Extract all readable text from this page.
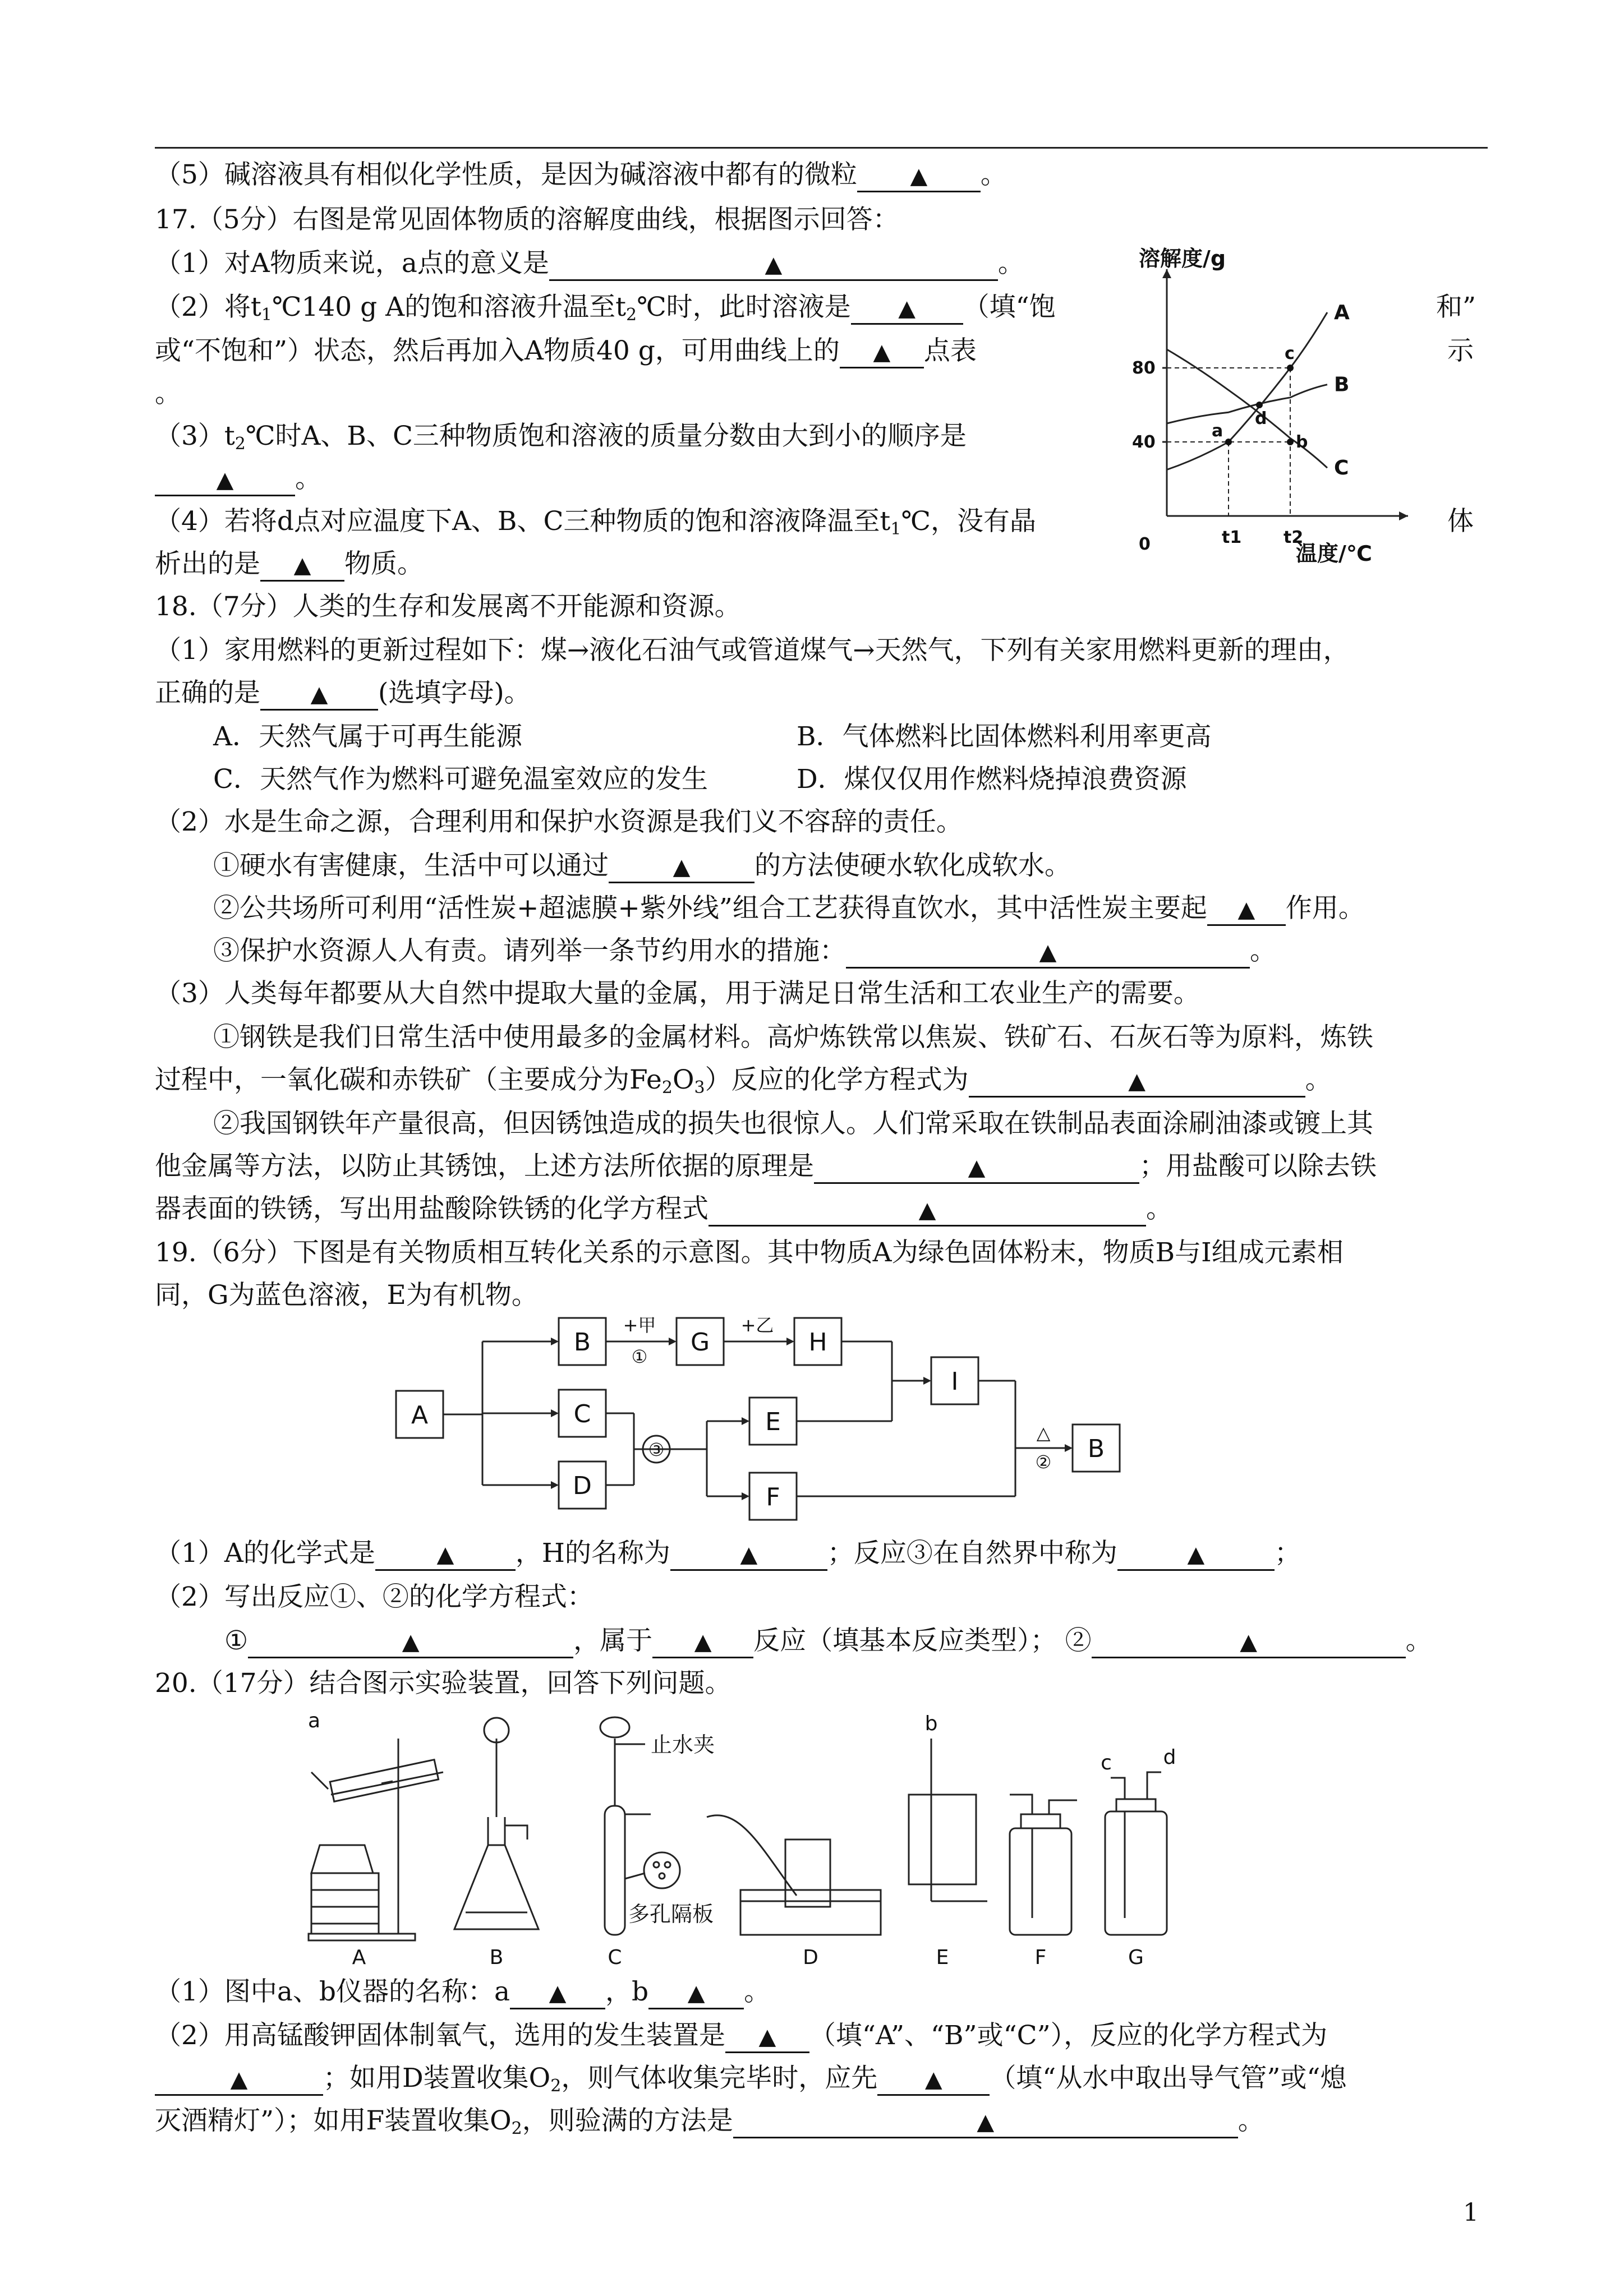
（5）碱溶液具有相似化学性质，是因为碱溶液中都有的微粒 ▲ 。
17.（5分）右图是常见固体物质的溶解度曲线，根据图示回答：
（1）对A物质来说，a点的意义是	▲	。
（2）将$t_1℃140$ g A的饱和溶液升温至$t_2℃$时，此时溶液是 ▲ （填“饱	和”
或“不饱和”）状态，然后再加入A物质40 g，可用曲线上的 ▲ 点表	示
。
$(3)t_2℃$时A、B、C三种物质饱和溶液的质量分数由大到小的顺序是
▲ 。
（4）若将d点对应温度下A、B、C三种物质的饱和溶液降温至$t_1℃$，没有晶	体
析出的是 ▲ 物质。
溶解度/g
温度/℃
0
40
80
t1 t2
A
B
C
a
b
c
d
18.（7分）人类的生存和发展离不开能源和资源。
（1）家用燃料的更新过程如下：煤→液化石油气或管道煤气→天然气，下列有关家用燃料更新的理由，
正确的是 ▲ (选填字母)。
A．天然气属于可再生能源	B．气体燃料比固体燃料利用率更高
C．天然气作为燃料可避免温室效应的发生	D．煤仅仅用作燃料烧掉浪费资源
（2）水是生命之源，合理利用和保护水资源是我们义不容辞的责任。
①硬水有害健康，生活中可以通过	▲ 的方法使硬水软化成软水。
②公共场所可利用“活性炭+超滤膜+紫外线”组合工艺获得直饮水，其中活性炭主要起 ▲ 作用。
③保护水资源人人有责。请列举一条节约用水的措施：	▲	。
（3）人类每年都要从大自然中提取大量的金属，用于满足日常生活和工农业生产的需要。
①钢铁是我们日常生活中使用最多的金属材料。高炉炼铁常以焦炭、铁矿石、石灰石等为原料，炼铁
过程中，一氧化碳和赤铁矿（主要成分为$Fe_2O_3$）反应的化学方程式为	▲	。
②我国钢铁年产量很高，但因锈蚀造成的损失也很惊人。人们常采取在铁制品表面涂刷油漆或镀上其
他金属等方法，以防止其锈蚀，上述方法所依据的原理是	▲	；用盐酸可以除去铁
器表面的铁锈，写出用盐酸除铁锈的化学方程式	▲	。
19.（6分）下图是有关物质相互转化关系的示意图。其中物质A为绿色固体粉末，物质B与I组成元素相
同，G为蓝色溶液，E为有机物。
A
B
C
D
G	H
E
F
I
B
+甲
①
+乙
③
△
②
（1）A的化学式是	▲ ，H的名称为	▲	；反应③在自然界中称为	▲	；
（2）写出反应①、②的化学方程式：
①	▲	，属于 ▲ 反应（填基本反应类型）； ②	▲	。
20.（17分）结合图示实验装置，回答下列问题。
A	B	C	D	E	F	G
a	b
c	d
止水夹
多孔隔板
（1）图中a、b仪器的名称：a ▲ ，b ▲ 。
（2）用高锰酸钾固体制氧气，选用的发生装置是 ▲ （填“A”、“B”或“C”），反应的化学方程式为
▲	；如用D装置收集$O_2$，则气体收集完毕时，应先 ▲ （填“从水中取出导气管”或“熄
灭酒精灯”）；如用F装置收集$O_2$，则验满的方法是	▲	。
1
